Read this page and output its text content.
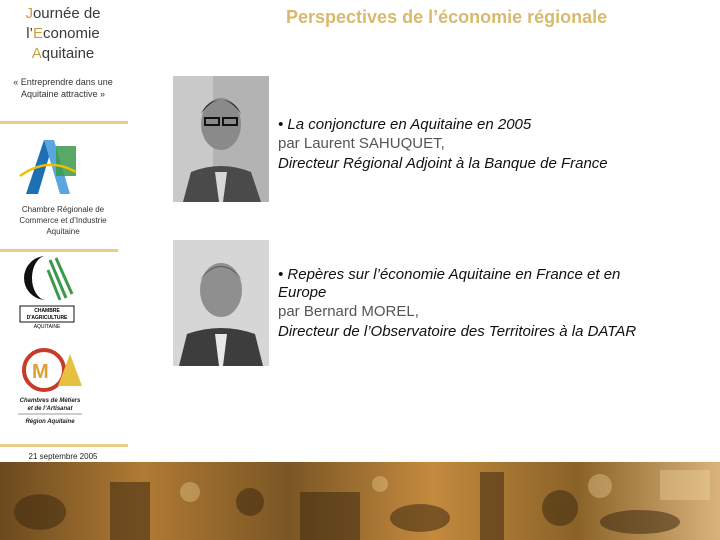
Journée de
l’Economie
Aquitaine
« Entreprendre dans une Aquitaine attractive »
Chambre Régionale de Commerce et d’Industrie Aquitaine
CHAMBRE
D'AGRICULTURE
AQUITAINE
M
Chambres de Métiers
et de l’Artisanat
Région Aquitaine
21 septembre 2005
Perspectives de l’économie régionale
• La conjoncture en Aquitaine en 2005
par Laurent SAHUQUET,
Directeur Régional Adjoint à la Banque de France
• Repères sur l’économie Aquitaine en France et en Europe
par Bernard MOREL,
Directeur de l’Observatoire des Territoires à la DATAR
